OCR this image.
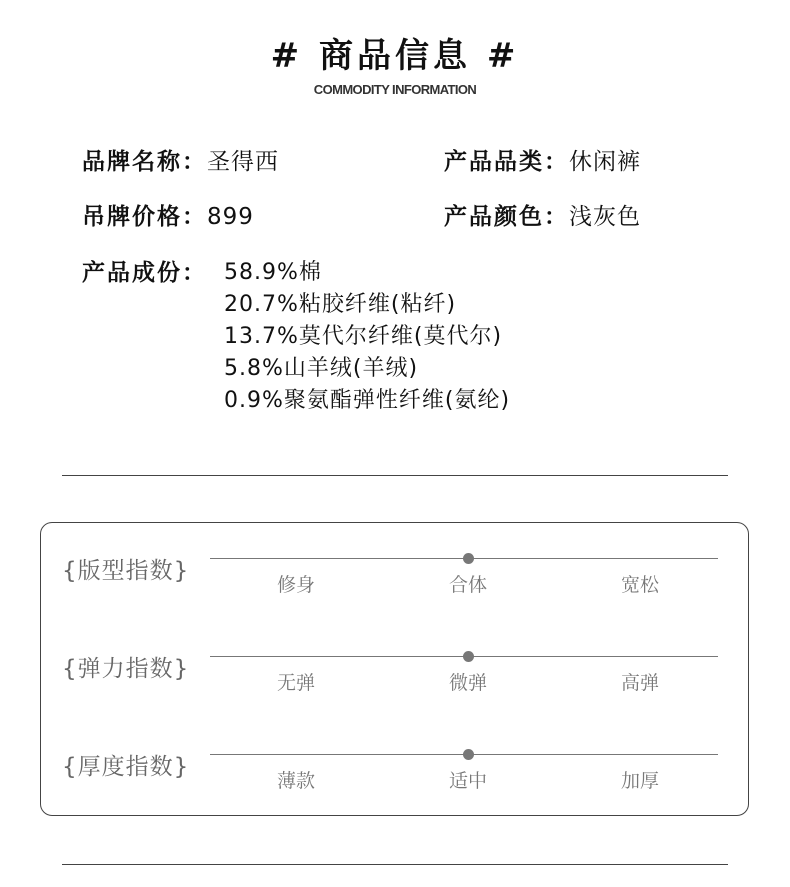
# 商品信息 #
COMMODITY INFORMATION
品牌名称：圣得西	产品品类：休闲裤
吊牌价格：899	产品颜色：浅灰色
产品成份： 58.9%棉
20.7%粘胶纤维(粘纤)
13.7%莫代尔纤维(莫代尔)
5.8%山羊绒(羊绒)
0.9%聚氨酯弹性纤维(氨纶)
{版型指数}
修身	合体	宽松
{弹力指数}
无弹	微弹	高弹
{厚度指数}
薄款	适中	加厚
